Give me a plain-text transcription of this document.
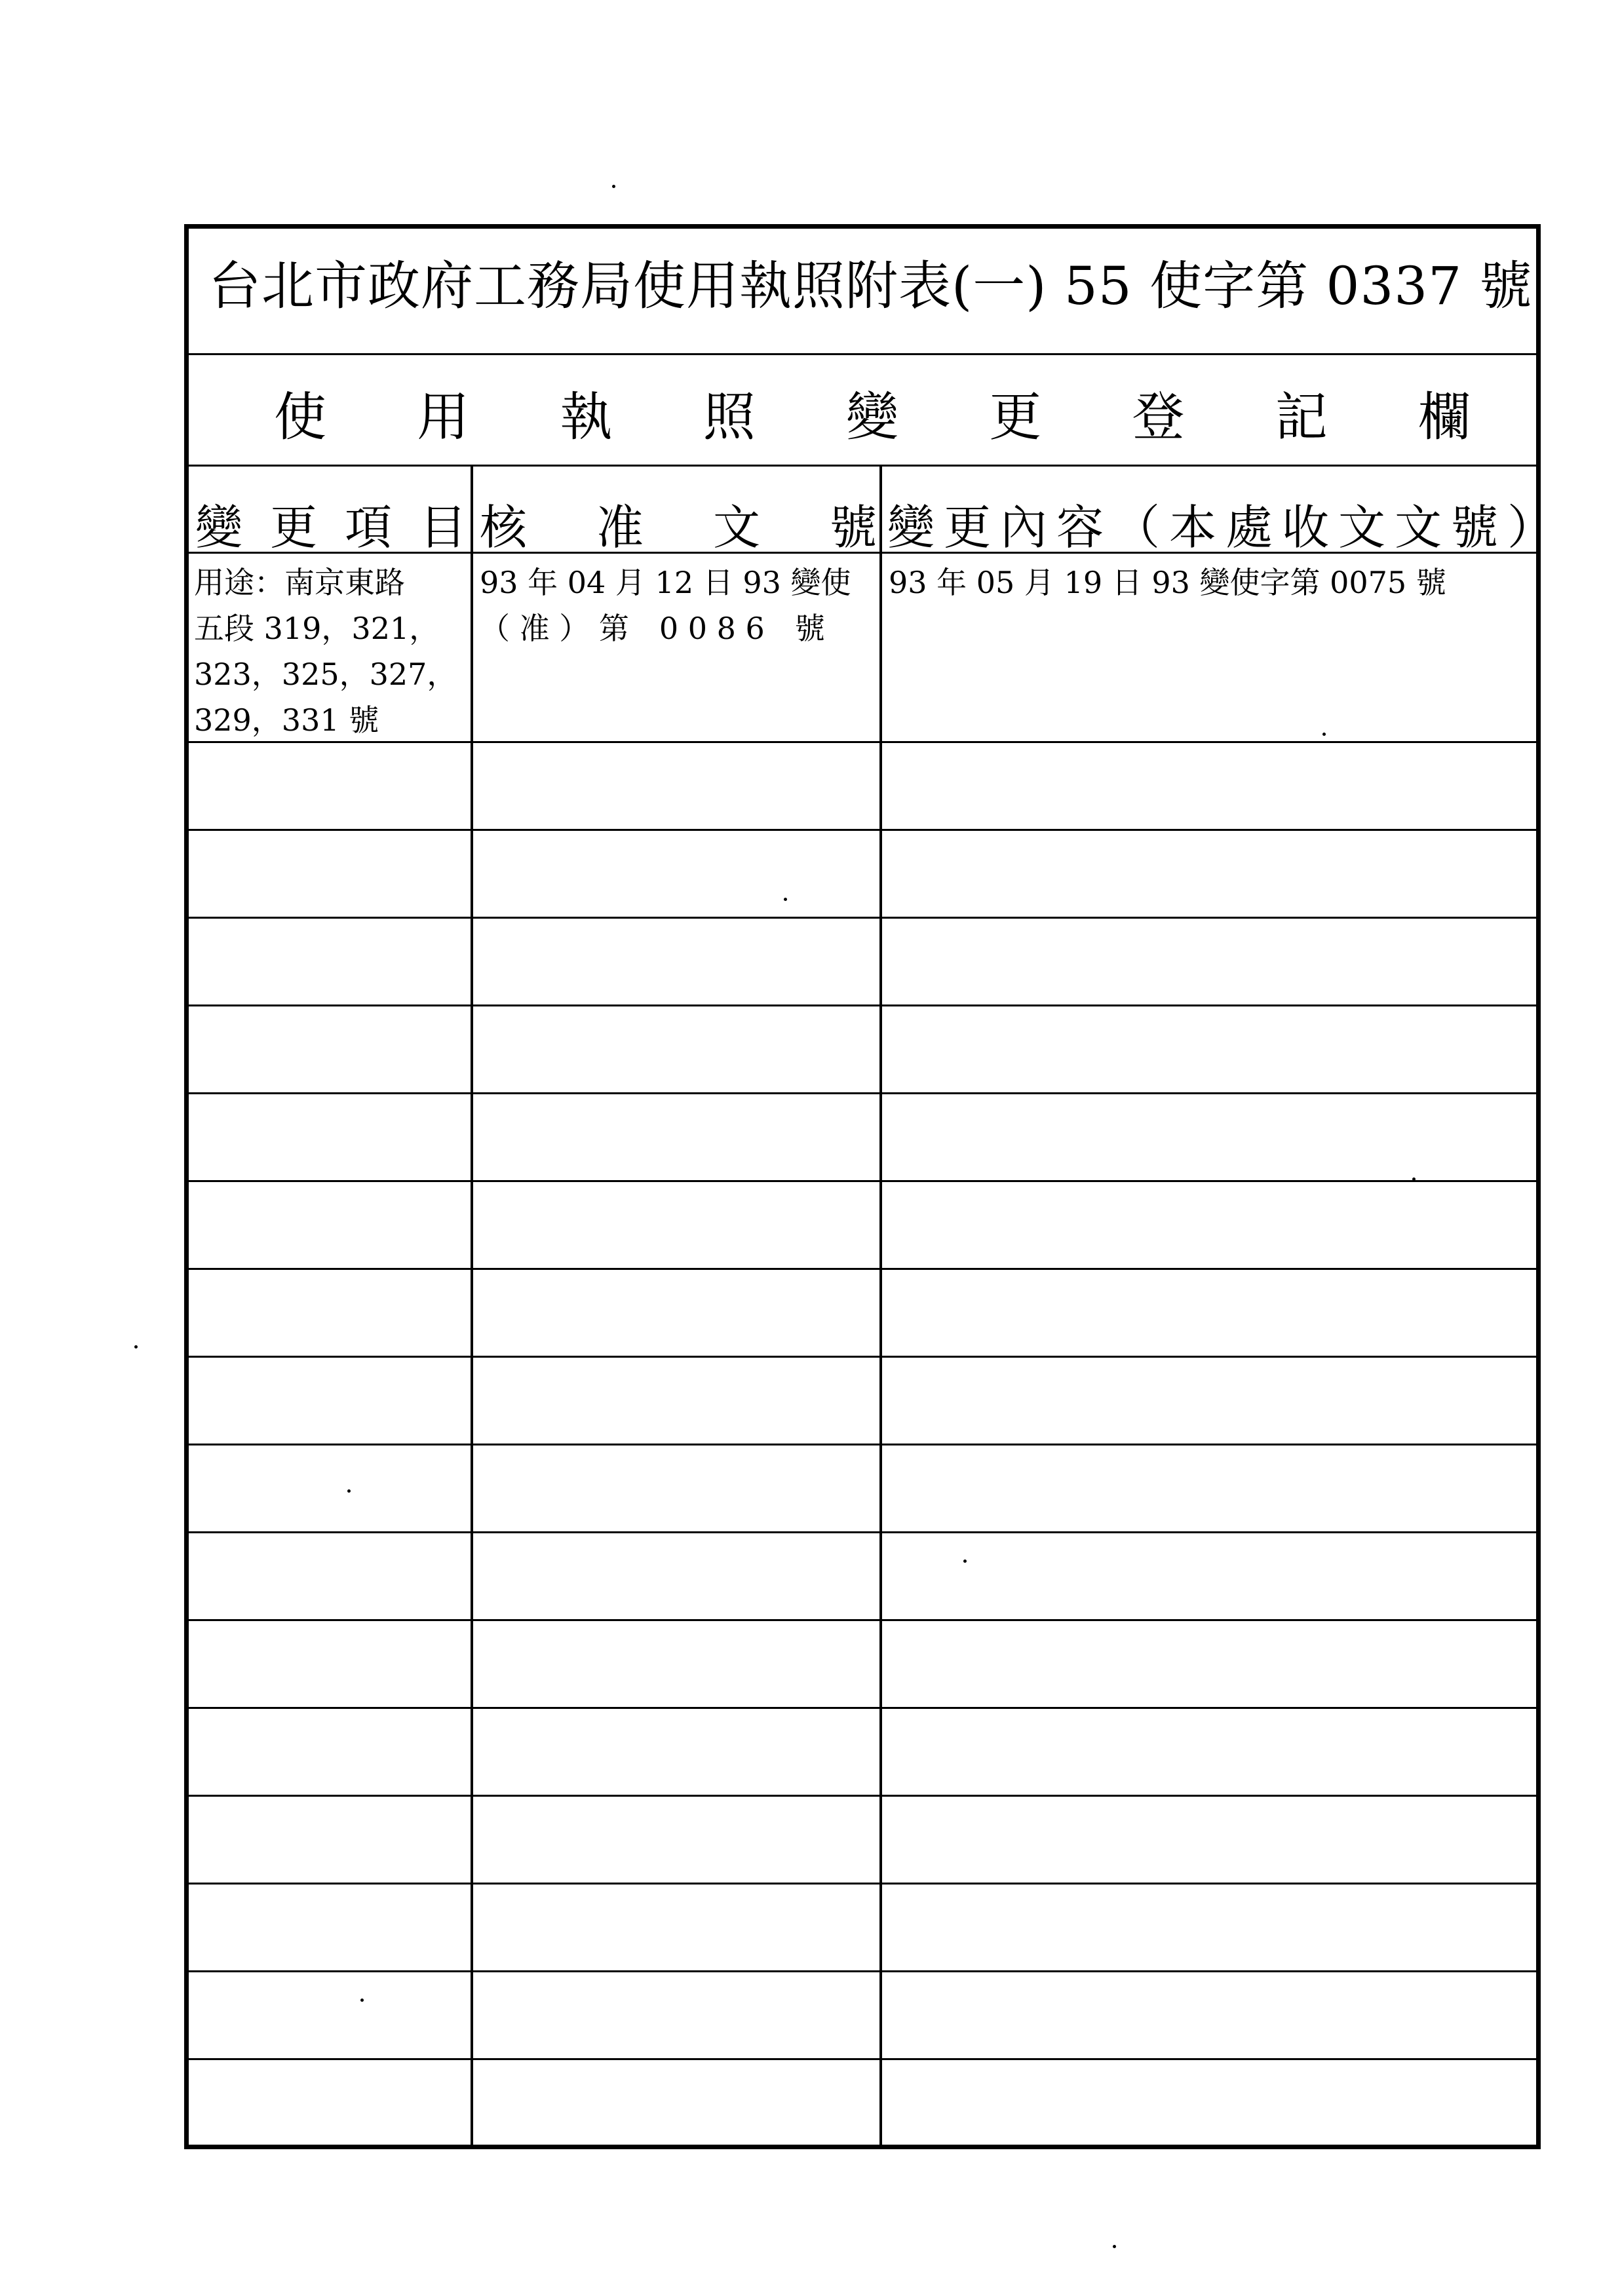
台北市政府工務局使用執照附表(一) 55 使字第 0337 號
使 用 執 照 變 更 登 記 欄
變 更 項 目 核 准 文 號 變更內容（本處收文文號）
用途：南京東路
五段 319，321，
323，325，327，
329，331 號
93 年 04 月 12 日 93 變使
（ 准 ） 第　0 0 8 6　號
93 年 05 月 19 日 93 變使字第 0075 號
